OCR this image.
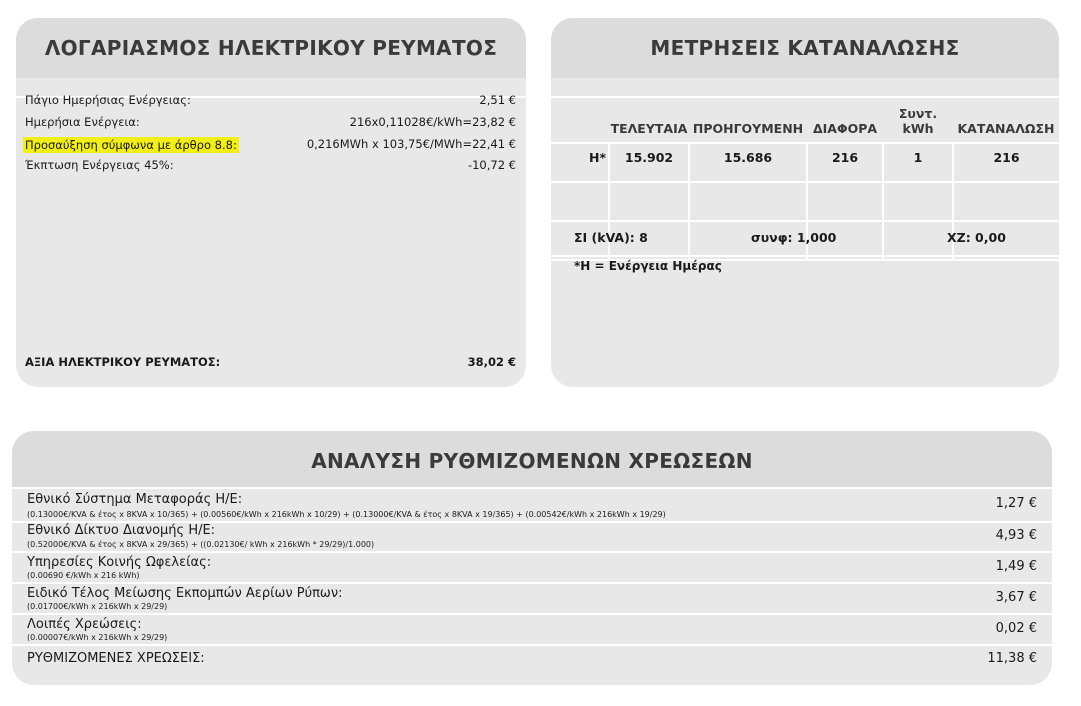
ΛΟΓΑΡΙΑΣΜΟΣ ΗΛΕΚΤΡΙΚΟΥ ΡΕΥΜΑΤΟΣ
Πάγιο Ημερήσιας Ενέργειας:	2,51 €
Ημερήσια Ενέργεια:	216x0,11028€/kWh=23,82 €
Προσαύξηση σύμφωνα με άρθρο 8.8:	0,216MWh x 103,75€/MWh=22,41 €
Έκπτωση Ενέργειας 45%:	-10,72 €
ΑΞΙΑ ΗΛΕΚΤΡΙΚΟΥ ΡΕΥΜΑΤΟΣ:	38,02 €
ΜΕΤΡΗΣΕΙΣ ΚΑΤΑΝΑΛΩΣΗΣ
	ΤΕΛΕΥΤΑΙΑ	ΠΡΟΗΓΟΥΜΕΝΗ	ΔΙΑΦΟΡΑ	Συντ. kWh	ΚΑΤΑΝΑΛΩΣΗ
Η*	15.902	15.686	216	1	216

ΣΙ (kVA): 8	συνφ: 1,000	ΧΖ: 0,00
*Η = Ενέργεια Ημέρας
ΑΝΑΛΥΣΗ ΡΥΘΜΙΖΟΜΕΝΩΝ ΧΡΕΩΣΕΩΝ
Εθνικό Σύστημα Μεταφοράς Η/Ε:
(0.13000€/KVA & έτος x 8KVA x 10/365) + (0.00560€/kWh x 216kWh x 10/29) + (0.13000€/KVA & έτος x 8KVA x 19/365) + (0.00542€/kWh x 216kWh x 19/29)
1,27 €
Εθνικό Δίκτυο Διανομής Η/Ε:
(0.52000€/KVA & έτος x 8KVA x 29/365) + ((0.02130€/ kWh x 216kWh * 29/29)/1.000)
4,93 €
Υπηρεσίες Κοινής Ωφελείας:
(0.00690 €/kWh x 216 kWh)
1,49 €
Ειδικό Τέλος Μείωσης Εκπομπών Αερίων Ρύπων:
(0.01700€/kWh x 216kWh x 29/29)
3,67 €
Λοιπές Χρεώσεις:
(0.00007€/kWh x 216kWh x 29/29)
0,02 €
ΡΥΘΜΙΖΟΜΕΝΕΣ ΧΡΕΩΣΕΙΣ:	11,38 €
